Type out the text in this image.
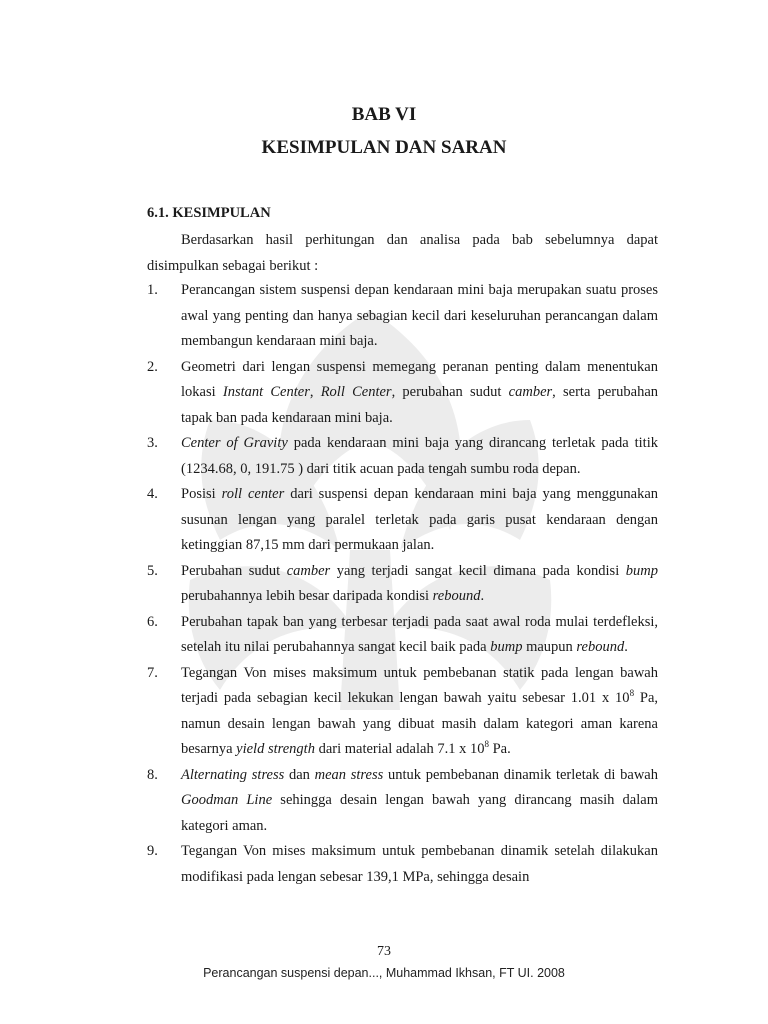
BAB VI
KESIMPULAN DAN SARAN
6.1. KESIMPULAN

Berdasarkan hasil perhitungan dan analisa pada bab sebelumnya dapat disimpulkan sebagai berikut :

1. Perancangan sistem suspensi depan kendaraan mini baja merupakan suatu proses awal yang penting dan hanya sebagian kecil dari keseluruhan perancangan dalam membangun kendaraan mini baja.
2. Geometri dari lengan suspensi memegang peranan penting dalam menentukan lokasi Instant Center, Roll Center, perubahan sudut camber, serta perubahan tapak ban pada kendaraan mini baja.
3. Center of Gravity pada kendaraan mini baja yang dirancang terletak pada titik (1234.68, 0, 191.75 ) dari titik acuan pada tengah sumbu roda depan.
4. Posisi roll center dari suspensi depan kendaraan mini baja yang menggunakan susunan lengan yang paralel terletak pada garis pusat kendaraan dengan ketinggian 87,15 mm dari permukaan jalan.
5. Perubahan sudut camber yang terjadi sangat kecil dimana pada kondisi bump perubahannya lebih besar daripada kondisi rebound.
6. Perubahan tapak ban yang terbesar terjadi pada saat awal roda mulai terdefleksi, setelah itu nilai perubahannya sangat kecil baik pada bump maupun rebound.
7. Tegangan Von mises maksimum untuk pembebanan statik pada lengan bawah terjadi pada sebagian kecil lekukan lengan bawah yaitu sebesar 1.01 x $10^8$ Pa, namun desain lengan bawah yang dibuat masih dalam kategori aman karena besarnya yield strength dari material adalah 7.1 x $10^8$ Pa.
8. Alternating stress dan mean stress untuk pembebanan dinamik terletak di bawah Goodman Line sehingga desain lengan bawah yang dirancang masih dalam kategori aman.
9. Tegangan Von mises maksimum untuk pembebanan dinamik setelah dilakukan modifikasi pada lengan sebesar 139,1 MPa, sehingga desain
73
Perancangan suspensi depan..., Muhammad Ikhsan, FT UI. 2008
